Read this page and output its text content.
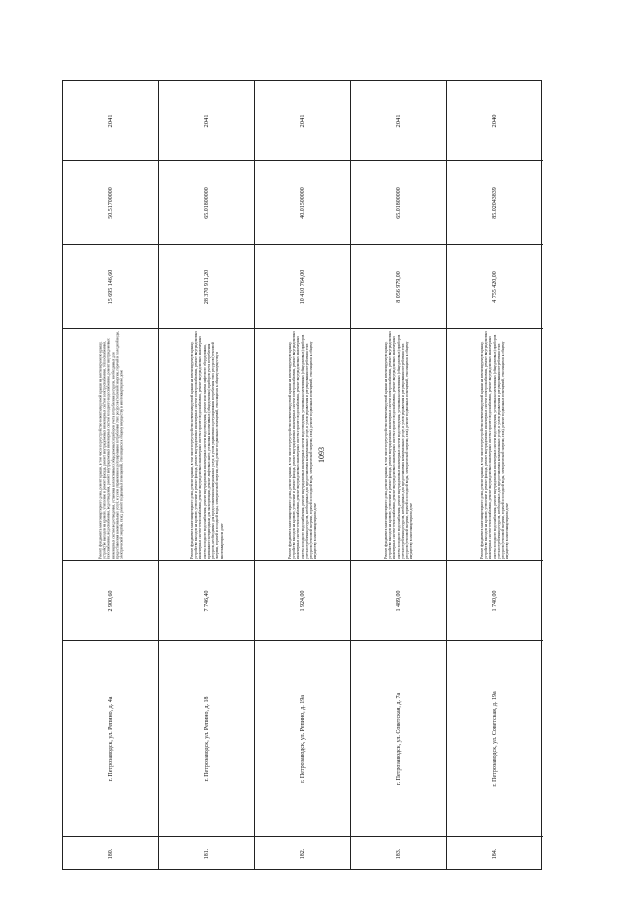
1093
2041
50.51700000
15 695 146,60
Ремонт фундамента многоквартирного дома, ремонт крыши, в том числе переустройство невентилируемой крыши на вентилируемую крышу, устройство выходов на кровлю, утепление и ремонт фасада, ремонт внутридомовых инженерных систем электроснабжения, теплоснабжения, газоснабжения, водоснабжения, водоотведения, ремонт внутридомовых инженерных систем холодного водоснабжения, ремонт внутридомовых инженерных систем водоотведения, установка коллективных (общедомовых) приборов учета потребления ресурсов, необходимых для предоставления коммунальных услуг, и узлов управления и регулирования потребления этих ресурсов (тепловой энергии, горячей и холодной воды, электрической энергии, газа), ремонт подвальных помещений, относящихся к общему имуществу в многоквартирном доме
2 900,60
г. Петрозаводск, ул. Репино, д. 4а
180.
2041
65.01800000
28 370 911,20
Ремонт фундамента многоквартирного дома, ремонт крыши, в том числе переустройство невентилируемой крыши на вентилируемую крышу, устройство выходов на кровлю, утепление и ремонт фасада, ремонт внутридомовых инженерных систем электроснабжения, ремонт внутридомовых инженерных систем теплоснабжения, ремонт внутридомовых инженерных систем горячего водоснабжения, ремонт внутридомовых инженерных систем холодного водоснабжения, ремонт внутридомовых инженерных систем водоотведения, ремонт или замена лифтового оборудования, признанного непригодным для эксплуатации, ремонт лифтовых шахт, установка коллективных (общедомовых) приборов учета потребления ресурсов, необходимых для предоставления коммунальных услуг, и узлов управления и регулирования потребления этих ресурсов (тепловой энергии, горячей и холодной воды, электрической энергии, газа), ремонт подвальных помещений, относящихся к общему имуществу в многоквартирном доме
7 746,40
г. Петрозаводск, ул. Репино, д. 18
181.
2041
40.01500000
10 410 764,00
Ремонт фундамента многоквартирного дома, ремонт крыши, в том числе переустройство невентилируемой крыши на вентилируемую крышу, устройство выходов на кровлю, утепление и ремонт фасада, ремонт внутридомовых инженерных систем электроснабжения, ремонт внутридомовых инженерных систем теплоснабжения, ремонт внутридомовых инженерных систем горячего водоснабжения, ремонт внутридомовых инженерных систем холодного водоснабжения, ремонт внутридомовых инженерных систем водоотведения, установка коллективных (общедомовых) приборов учета потребления ресурсов, необходимых для предоставления коммунальных услуг, и узлов управления и регулирования потребления этих ресурсов (тепловой энергии, горячей и холодной воды, электрической энергии, газа), ремонт подвальных помещений, относящихся к общему имуществу в многоквартирном доме
1 924,00
г. Петрозаводск, ул. Репино, д. 19а
182.
2041
65.01800000
8 056 979,00
Ремонт фундамента многоквартирного дома, ремонт крыши, в том числе переустройство невентилируемой крыши на вентилируемую крышу, устройство выходов на кровлю, утепление и ремонт фасада, ремонт внутридомовых инженерных систем электроснабжения, ремонт внутридомовых инженерных систем теплоснабжения, ремонт внутридомовых инженерных систем горячего водоснабжения, ремонт внутридомовых инженерных систем холодного водоснабжения, ремонт внутридомовых инженерных систем водоотведения, установка коллективных (общедомовых) приборов учета потребления ресурсов, необходимых для предоставления коммунальных услуг, и узлов управления и регулирования потребления этих ресурсов (тепловой энергии, горячей и холодной воды, электрической энергии, газа), ремонт подвальных помещений, относящихся к общему имуществу в многоквартирном доме
1 489,00
г. Петрозаводск, ул. Советская, д. 7а
183.
2040
85.02043839
4 755 420,00
Ремонт фундамента многоквартирного дома, ремонт крыши, в том числе переустройство невентилируемой крыши на вентилируемую крышу, устройство выходов на кровлю, утепление и ремонт фасада, ремонт внутридомовых инженерных систем электроснабжения, ремонт внутридомовых инженерных систем теплоснабжения, ремонт внутридомовых инженерных систем горячего водоснабжения, ремонт внутридомовых инженерных систем холодного водоснабжения, ремонт внутридомовых инженерных систем водоотведения, установка коллективных (общедомовых) приборов учета потребления ресурсов, необходимых для предоставления коммунальных услуг, и узлов управления и регулирования потребления этих ресурсов (тепловой энергии, горячей и холодной воды, электрической энергии, газа), ремонт подвальных помещений, относящихся к общему имуществу в многоквартирном доме
1 740,00
г. Петрозаводск, ул. Советская, д. 19а
184.
